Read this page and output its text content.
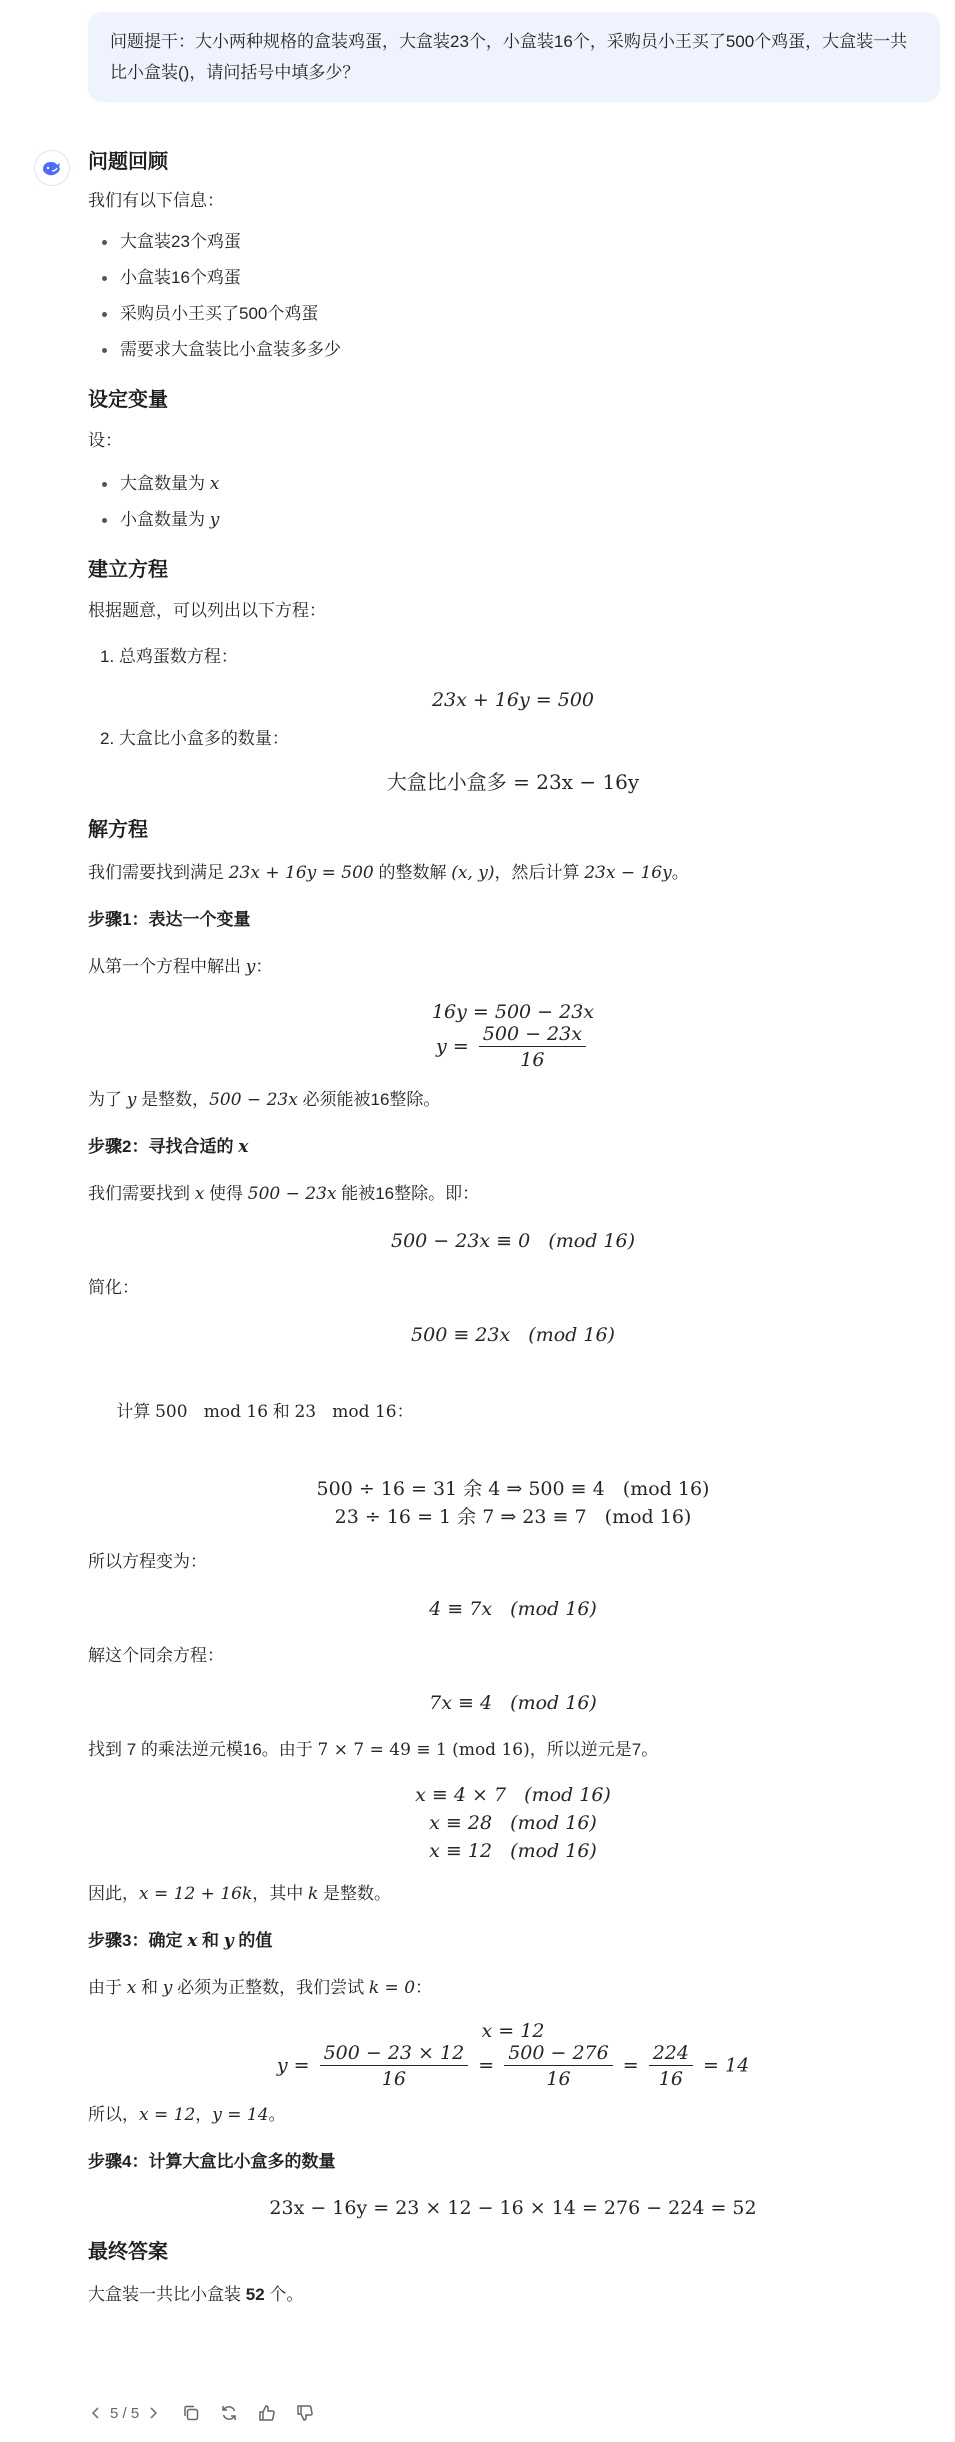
问题提干：大小两种规格的盒装鸡蛋，大盒装23个，小盒装16个，采购员小王买了500个鸡蛋，大盒装一共比小盒装()，请问括号中填多少？
问题回顾
我们有以下信息：
大盒装23个鸡蛋
小盒装16个鸡蛋
采购员小王买了500个鸡蛋
需要求大盒装比小盒装多多少
设定变量
设：
大盒数量为 x
小盒数量为 y
建立方程
根据题意，可以列出以下方程：
1. 总鸡蛋数方程：
23x + 16y = 500
2. 大盒比小盒多的数量：
大盒比小盒多 = 23x − 16y
解方程
我们需要找到满足 23x + 16y = 500 的整数解 (x, y)，然后计算 23x − 16y。
步骤1：表达一个变量
从第一个方程中解出 y：
16y = 500 − 23x
$y = \frac{500 - 23x}{16}$
为了 y 是整数，500 − 23x 必须能被16整除。
步骤2：寻找合适的 x
我们需要找到 x 使得 500 − 23x 能被16整除。即：
500 − 23x ≡ 0   (mod 16)
简化：
500 ≡ 23x   (mod 16)

计算 500   mod 16 和 23   mod 16：

500 ÷ 16 = 31 余 4 ⇒ 500 ≡ 4   (mod 16)
23 ÷ 16 = 1 余 7 ⇒ 23 ≡ 7   (mod 16)
所以方程变为：
4 ≡ 7x   (mod 16)
解这个同余方程：
7x ≡ 4   (mod 16)
找到 7 的乘法逆元模16。由于 7 × 7 = 49 ≡ 1 (mod 16)，所以逆元是7。
x ≡ 4 × 7   (mod 16)
x ≡ 28   (mod 16)
x ≡ 12   (mod 16)
因此，x = 12 + 16k，其中 k 是整数。
步骤3：确定 x 和 y 的值
由于 x 和 y 必须为正整数，我们尝试 k = 0：
x = 12
$y = \frac{500 - 23 \times 12}{16} = \frac{500 - 276}{16} = \frac{224}{16} = 14$
所以，x = 12，y = 14。
步骤4：计算大盒比小盒多的数量
23x − 16y = 23 × 12 − 16 × 14 = 276 − 224 = 52
最终答案
大盒装一共比小盒装 52 个。
5 / 5
